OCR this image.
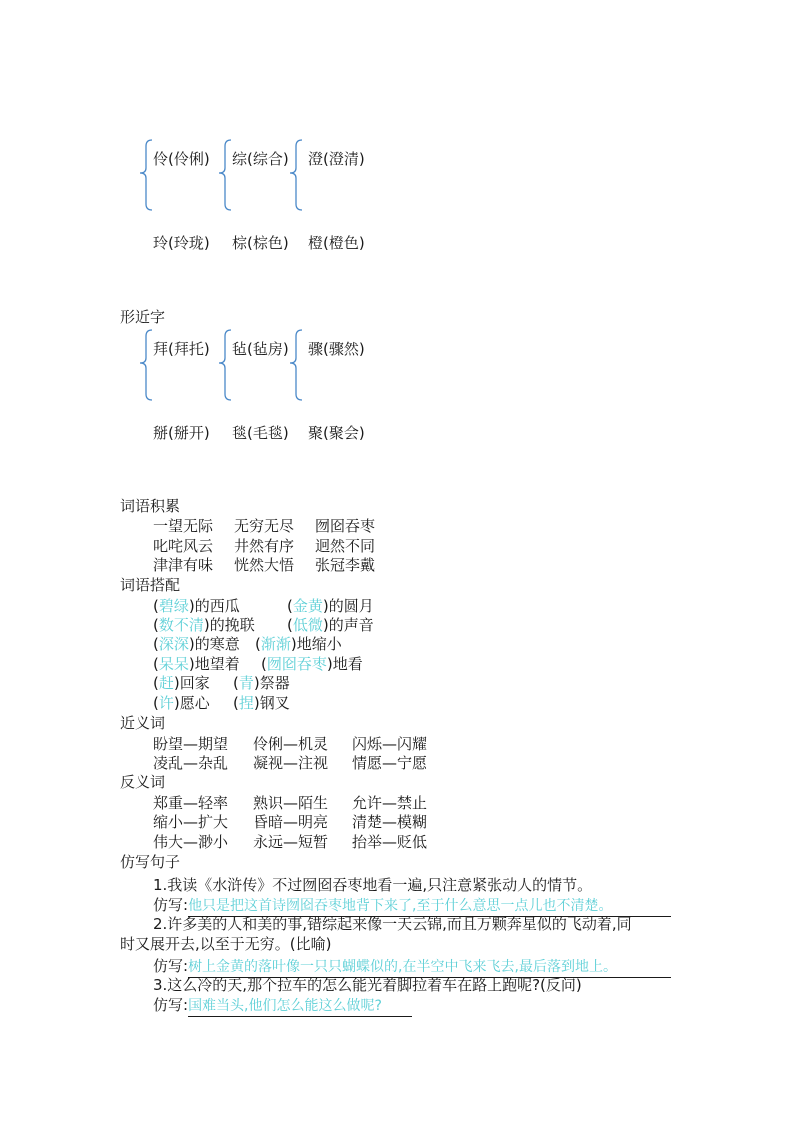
伶(伶俐) 综(综合) 澄(澄清)
玲(玲珑) 棕(棕色) 橙(橙色)
形近字
拜(拜托) 毡(毡房) 骤(骤然)
掰(掰开) 毯(毛毯) 聚(聚会)
词语积累
一望无际 无穷无尽 囫囵吞枣
叱咤风云 井然有序 迥然不同
津津有味 恍然大悟 张冠李戴
词语搭配
(碧绿)的西瓜	(金黄)的圆月
(数不清)的挽联 (低微)的声音
(深深)的寒意 (渐渐)地缩小
(呆呆)地望着 (囫囵吞枣)地看
(赶)回家 (青)祭器
(许)愿心 (捏)钢叉
近义词
盼望—期望 伶俐—机灵 闪烁—闪耀
凌乱—杂乱 凝视—注视 情愿—宁愿
反义词
郑重—轻率 熟识—陌生 允许—禁止
缩小—扩大 昏暗—明亮 清楚—模糊
伟大—渺小 永远—短暂 抬举—贬低
仿写句子
1.我读《水浒传》不过囫囵吞枣地看一遍,只注意紧张动人的情节。
仿写:他只是把这首诗囫囵吞枣地背下来了,至于什么意思一点儿也不清楚。
2.许多美的人和美的事,错综起来像一天云锦,而且万颗奔星似的飞动着,同
时又展开去,以至于无穷。(比喻)
仿写:树上金黄的落叶像一只只蝴蝶似的,在半空中飞来飞去,最后落到地上。
3.这么冷的天,那个拉车的怎么能光着脚拉着车在路上跑呢?(反问)
仿写:国难当头,他们怎么能这么做呢?
